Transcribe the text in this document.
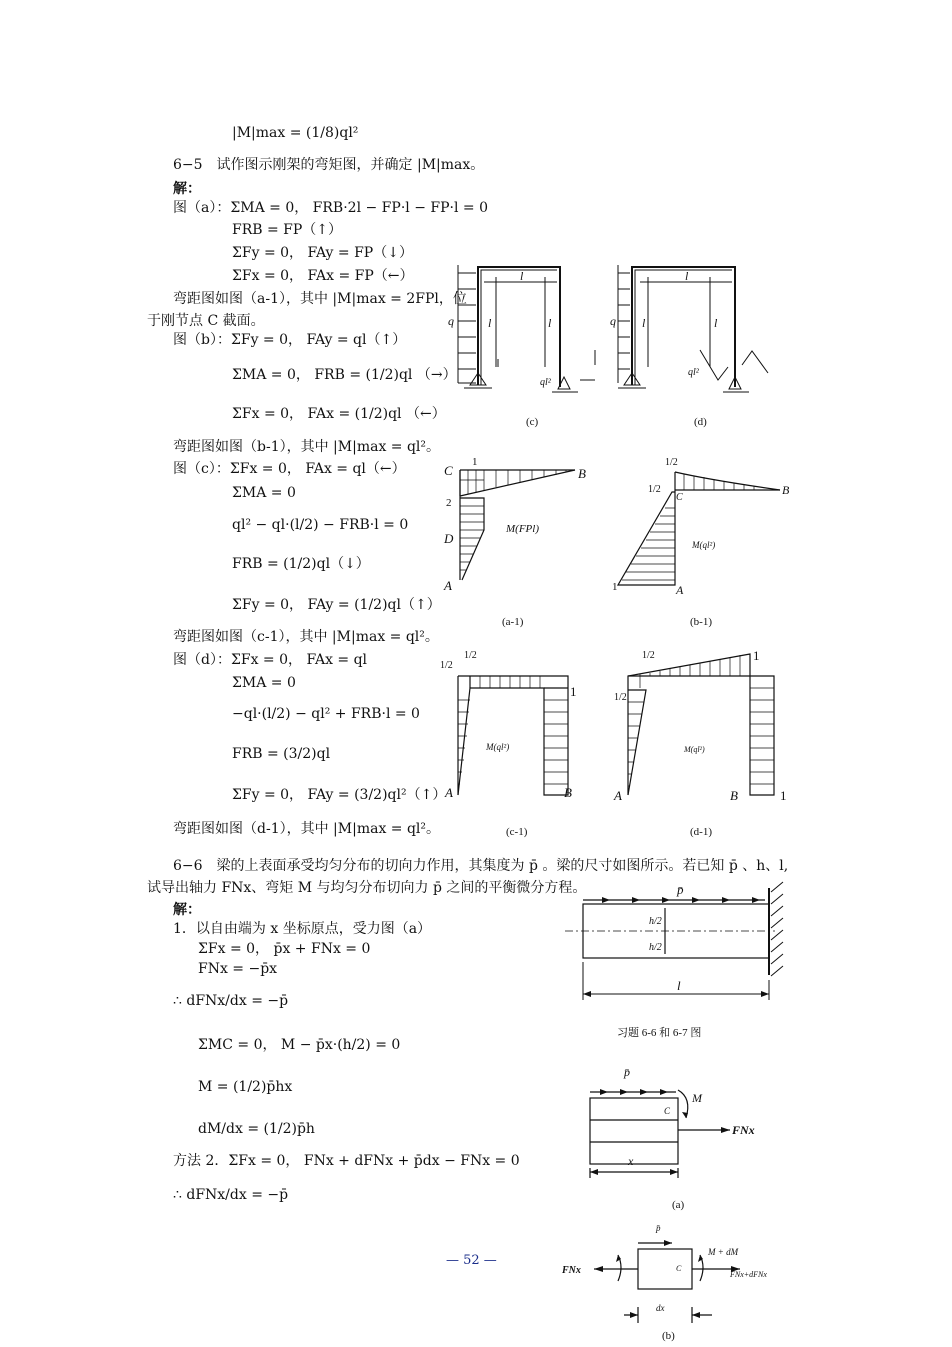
|M|max = (1/8)ql²
6−5　试作图示刚架的弯矩图，并确定 |M|max。
解：
图（a）：ΣMA = 0， FRB·2l − FP·l − FP·l = 0
FRB = FP（↑）
ΣFy = 0， FAy = FP（↓）
ΣFx = 0， FAx = FP（←）
弯距图如图（a-1），其中 |M|max = 2FPl，位
于刚节点 C 截面。
图（b）：ΣFy = 0， FAy = ql（↑）
ΣMA = 0， FRB = (1/2)ql （→）
ΣFx = 0， FAx = (1/2)ql （←）
弯距图如图（b-1），其中 |M|max = ql²。
图（c）：ΣFx = 0， FAx = ql（←）
ΣMA = 0
ql² − ql·(l/2) − FRB·l = 0
FRB = (1/2)ql（↓）
ΣFy = 0， FAy = (1/2)ql（↑）
弯距图如图（c-1），其中 |M|max = ql²。
图（d）：ΣFx = 0， FAx = ql
ΣMA = 0
−ql·(l/2) − ql² + FRB·l = 0
FRB = (3/2)ql
ΣFy = 0， FAy = (3/2)ql²（↑）
弯距图如图（d-1），其中 |M|max = ql²。
6−6　梁的上表面承受均匀分布的切向力作用，其集度为 p̄ 。梁的尺寸如图所示。若已知 p̄ 、h、l,
试导出轴力 FNx、弯矩 M 与均匀分布切向力 p̄ 之间的平衡微分方程。
解：
1．以自由端为 x 坐标原点，受力图（a）
ΣFx = 0， p̄x + FNx = 0
FNx = −p̄x
∴ dFNx/dx = −p̄
ΣMC = 0， M − p̄x·(h/2) = 0
M = (1/2)p̄hx
dM/dx = (1/2)p̄h
方法 2．ΣFx = 0， FNx + dFNx + p̄dx − FNx = 0
∴ dFNx/dx = −p̄
— 52 —
q
l
l	l
ql²
(c)
q
l
l	l
ql²
(d)
C
1
B
2
D
M(FPl)
A
(a-1)
1/2
1/2
C
B
M(ql²)
1	A
(b-1)
1/2
1/2
1
M(ql²)
A	B
(c-1)
1/2
1/2
1
M(ql²)
A	B	1
(d-1)
p̄
h/2
h/2
l
习题 6-6 和 6-7 图
p̄
M
C
FNx
x
(a)
p̄
M + dM
FNx	C
FNx+dFNx
dx
(b)
